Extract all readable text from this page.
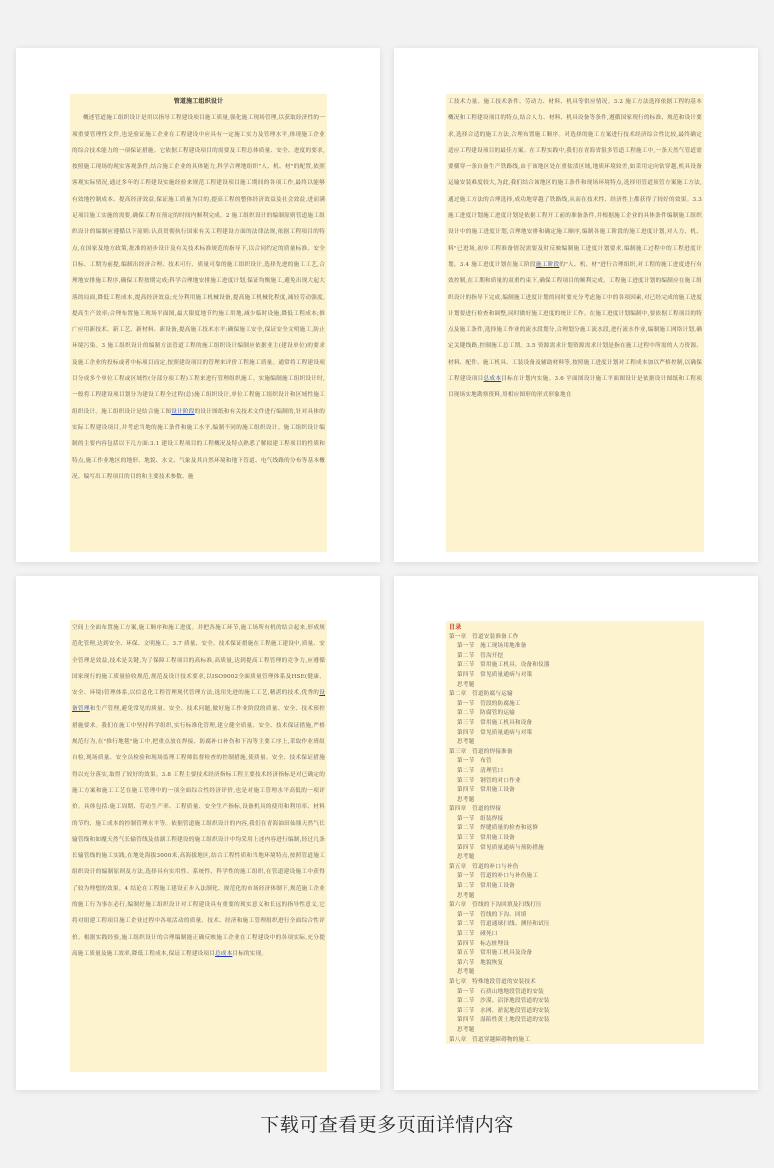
管道施工组织设计
概述管道施工组织设计是用以指导工程建设项目施工质量,强化施工现场管理,以获取经济性的一项重要管理性文件,也是验证施工企业在工程建设中应具有一定施工实力及管理水平,体现施工企业的综合技术能力的一项保证措施。它依据工程建设项目的需要及工程总体质量、安全、进度的要求,按照施工现场的现实客观条件,结合施工企业的具体能力,科学合理地组织"人、机、材"的配置,依照客观实际情况,通过多年的工程建设实施经验来规范工程建设项目施工期间的各项工作,最终以能够有效地控制成本、提高经济效益,保证施工质量为目的,提高工程的整体经济效益及社会效益,进而满足项目施工实施的需要,确保工程在预定的时间内顺利完成。2 施工组织设计的编制原则管道施工组织设计的编制应遵循以下原则:认真贯彻执行国家有关工程建设方面的法律法规,依据工程项目的特点,在国家及地方政策,批准的初步设计及有关技术标准规范的指导下,以合同约定的质量标准、安全目标、工期为前提,编制出经济合理、技术可行、质量可靠的施工组织设计,选择先进的施工工艺,合理地安排施工程序,确保工程按期完成;科学合理地安排施工进度计划,保证均衡施工,避免出现大起大落的局面,降低工程成本,提高经济效益;充分利用施工机械设备,提高施工机械化程度,减轻劳动强度,提高生产效率;合理布置施工现场平面图,最大限度地节约施工用地,减少临时设施,降低工程成本;推广应用新技术、新工艺、新材料、新设备,提高施工技术水平;确保施工安全,保证安全文明施工,防止环境污染。3 施工组织设计的编制方法管道工程的施工组织设计编制应依据业主(建设单位)的要求及施工企业的投标或者中标项目而定,按照建设项目的管理来评价工程施工质量。通常将工程建设项目分成多个单位工程或区域性(分部分项工程)工程来进行管理组织施工。实施编制施工组织设计时,一般将工程建设项目划分为建设工程全过程(总)施工组织设计,单位工程施工组织设计和区域性施工组织设计。施工组织设计是结合施工图设计阶段的设计图纸和有关技术文件进行编制的,针对具体的实际工程建设项目,并考虑当地的施工条件和施工水平,编制不同的施工组织设计。施工组织设计编制的主要内容包括以下几方面:3.1 建设工程项目的工程概况及特点熟悉了解拟建工程项目的性质和特点,施工作业地区的地形、地貌、水文、气象及其自然环境和地下管道、电气线路的分布等基本概况。编写出工程项目的目的和主要技术参数、施
工技术力量、施工技术条件、劳动力、材料、机具等供应情况。3.2 施工方法选择依据工程的基本概况和工程建设项目的特点,结合人力、材料、机具设备等条件,遵循国家现行的标准、规范和设计要求,选择合适的施工方法,合理布置施工顺序。对选择的施工方案进行技术经济综合性比较,最终确定适应工程建设项目的最佳方案。在工程实践中,我们在青海省很多管道工程施工中,一条天然气管道需要横穿一条自备生产铁路线,由于该地区处在重盐渍区域,地质环境较差,如采用定向钻穿越,机具设备运输安装难度较大,为此,我们结合该地区的施工条件和现场环境特点,选择用管道顶管方案施工方法,通过施工方法的合理选择,成功地穿越了铁路线,从而在技术性、经济性上都获得了较好的效果。3.3 施工进度计划施工进度计划是依据工程开工前的准备条件,并根据施工企业的具体条件编制施工组织设计中的施工进度计划,合理地安排和确定施工顺序,编制各施工阶段的施工进度计划,对人力、机、料"已进场,初步工程准备情况需要及时反映编制施工进度计划要求,编制施工过程中的工程进度计划。3.4 施工进度计划在施工阶段施工阶段的"人、机、材"进行合理组织,对工程的施工进度进行有效控制,在工期和质量的双重约束下,确保工程项目的顺利完成。工程施工进度计划的编制应在施工组织设计的指导下完成,编制施工进度计划的同时要充分考虑施工中的各项因素,对已经完成的施工进度计划要进行检查和调整,同时做好施工进度的统计工作。在施工进度计划编制中,要依据工程项目的特点及施工条件,选择施工作业的流水段划分,合理划分施工流水段,进行流水作业,编制施工网络计划,确定关键线路,控制施工总工期。3.5 资源需求计划资源需求计划是指在施工过程中所需的人力资源、材料、配件、施工机具、工装设备及辅助材料等,按照施工进度计划对工程成本加以严格控制,以确保工程建设项目总成本目标在计划内实施。3.6 平面图设计施工平面图设计是依据设计图纸和工程项目现场实地勘察资料,用相应图形的形式形象地在
空间上全面布置施工方案,施工顺序和施工进度。并把各施工环节,施工场所有机的结合起来,形成规范化管理,达到安全、环保、文明施工。3.7 质量、安全、技术保证措施在工程施工建设中,质量、安全管理是效益,技术是关键,为了保障工程项目的高标准,高质量,达到提高工程管理的竞争力,应遵循国家现行的施工质量验收规范,规范及设计技术要求,以ISO9002全面质量管理体系及HSE(健康、安全、环境)管理体系,以信息化工程管理现代管理方法,选用先进的施工工艺,精湛的技术,优秀的设备管理和生产管理,避免常见的质量、安全、技术问题,做好施工作业阶段的质量、安全、技术预控措施要求。我们在施工中坚持科学组织,实行标准化管理,建立健全质量、安全、技术保证措施,严格规范行为,在"推行地毯"施工中,把重点放在焊接、防腐补口补伤和下沟等主要工序上,采取作业班组自检,现场质量、安全员检验和现场监理工程师监督检查的控制措施,使质量、安全、技术保证措施得以充分落实,取得了较好的效果。3.8 工程主要技术经济指标工程主要技术经济指标是对已确定的施工方案和施工工艺在施工管理中的一项全面综合性经济评价,也是对施工管理水平高低的一项评价。具体包括:施工周期、劳动生产率、工程质量、安全生产指标,设备机具的使用和利用率、材料的节约、施工成本的控制管理水平等。依据管道施工组织设计的内容,我们在青海油田仙鼎天然气长输管线和如魔天然气长输管线及盐湖工程建设的施工组织设计中均采用上述内容进行编制,经过几条长输管线的施工实践,在地处海拔3000米,高海拔地区,结合工程性质和当地环境特点,按照管道施工组织设计的编制原则及方法,选择具有实用性、系统性、科学性的施工组织,在管道建设施工中获得了较为理想的效果。4 结论在工程施工建设正步入法制化、规范化的市场经济体制下,规范施工企业的施工行为事在必行,编制好施工组织设计对工程建设具有重要的现实意义和长远的指导性意义,它将对组建工程项目施工企业过程中各项活动的质量、技术、经济和施工管理组织进行全面综合性评价。根据实践经验,施工组织设计的合理编制能正确反映施工企业在工程建设中的各项实际,充分提高施工质量及施工效率,降低工程成本,保证工程建设项目总成本目标的实现。
目录
第一章　管道安装准备工作
第一节　施工现场用地准备
第二节　管沟开挖
第三节　常用施工机具、设备和仪器
第四节　常见质量通病与对策
思考题
第二章　管道防腐与运输
第一节　管段的防腐施工
第二节　防腐管的运输
第三节　常用施工机具和设备
第四节　常见质量通病与对策
思考题
第三章　管道的焊接准备
第一节　布管
第二节　清理管口
第三节　钢管的对口作业
第四节　常用施工设备
思考题
第四章　管道的焊接
第一节　组装焊接
第二节　焊缝质量的检查和返修
第三节　常用施工设备
第四节　常见质量通病与预防措施
思考题
第五章　管道的补口与补伤
第一节　管道的补口与补伤施工
第二节　常用施工设备
思考题
第六章　管线的下沟回填及扫线打压
第一节　管线的下沟、回填
第二节　管道通球扫线、测径和试压
第三节　碰死口
第四节　标志桩埋设
第五节　常用施工机具及设备
第六节　地貌恢复
思考题
第七章　特殊地段管道的安装技术
第一节　石质山地地段管道的安装
第二节　沙漠、沼泽地段管道的安装
第三节　水网、淤泥地段管道的安装
第四节　湿陷性黄土地段管道的安装
思考题
第八章　管道穿越障碍物的施工
下载可查看更多页面详情内容
